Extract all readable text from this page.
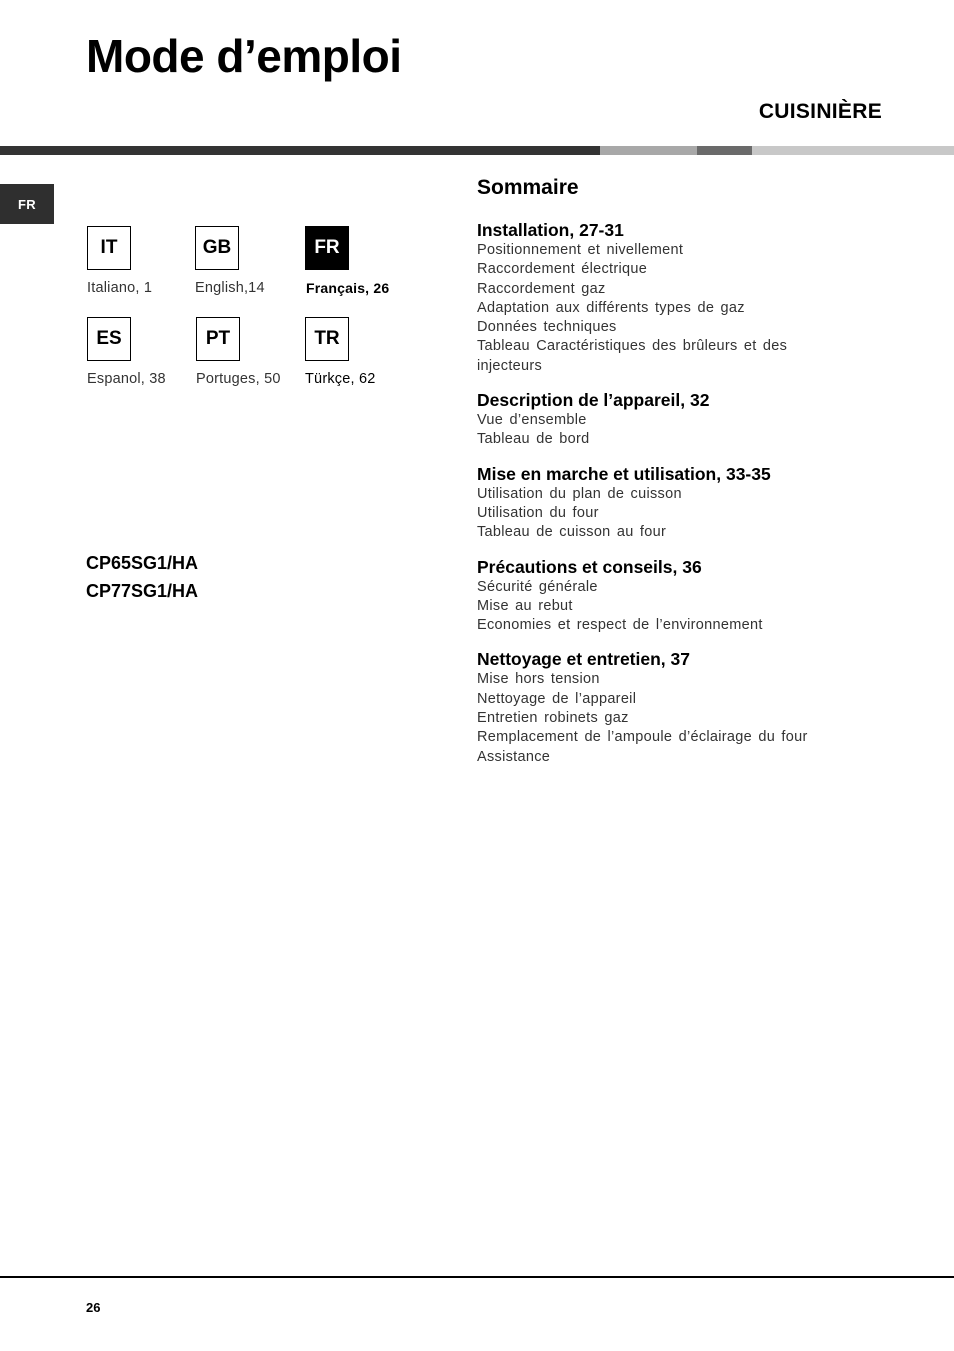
Mode d’emploi
CUISINIÈRE
FR
IT
Italiano, 1
GB
English,14
FR
Français, 26
ES
Espanol, 38
PT
Portuges, 50
TR
Türkçe, 62
CP65SG1/HA
CP77SG1/HA
Sommaire
Installation, 27-31
Positionnement et nivellement
Raccordement électrique
Raccordement gaz
Adaptation aux différents types de gaz
Données techniques
Tableau Caractéristiques des brûleurs et des
injecteurs
Description de l’appareil, 32
Vue d’ensemble
Tableau de bord
Mise en marche et utilisation, 33-35
Utilisation du plan de cuisson
Utilisation du four
Tableau de cuisson au four
Précautions et conseils, 36
Sécurité générale
Mise au rebut
Economies et respect de l’environnement
Nettoyage et entretien, 37
Mise hors tension
Nettoyage de l’appareil
Entretien robinets gaz
Remplacement de l’ampoule d’éclairage du four
Assistance
26
